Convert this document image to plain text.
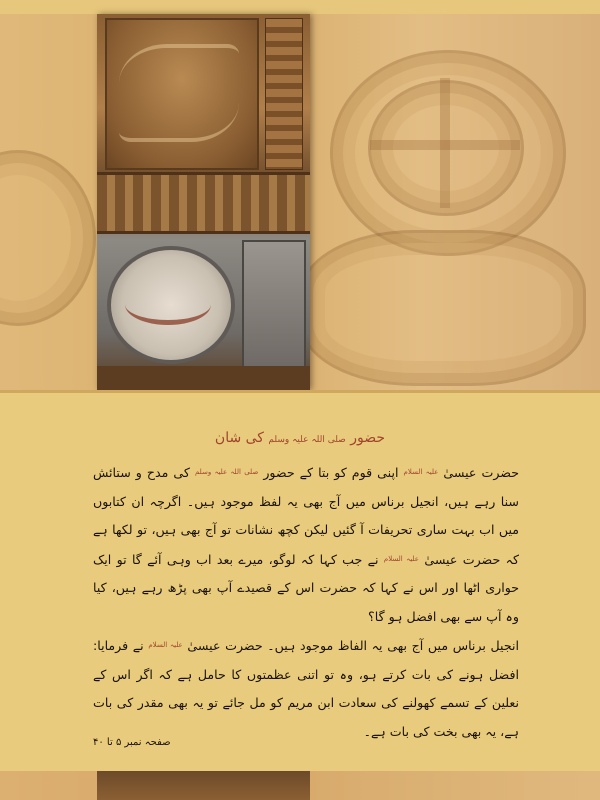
حضور صلی اللہ علیہ وسلم کی شان

حضرت عیسیٰ $^{علیہ السلام}$ اپنی قوم کو بتا کے حضور $^{صلی اللہ علیہ وسلم}$ کی مدح و ستائش سنا رہے ہیں، انجیل برناس میں آج بھی یہ لفظ موجود ہیں۔ اگرچہ ان کتابوں میں اب بہت ساری تحریفات آ گئیں لیکن کچھ نشانات تو آج بھی ہیں، تو لکھا ہے کہ حضرت عیسیٰ $^{علیہ السلام}$ نے جب کہا کہ لوگو، میرے بعد اب وہی آئے گا تو ایک حواری اٹھا اور اس نے کہا کہ حضرت اس کے قصیدے آپ بھی پڑھ رہے ہیں، کیا وہ آپ سے بھی افضل ہو گا؟

انجیل برناس میں آج بھی یہ الفاظ موجود ہیں۔ حضرت عیسیٰ $^{علیہ السلام}$ نے فرمایا: افضل ہونے کی بات کرتے ہو، وہ تو اتنی عظمتوں کا حامل ہے کہ اگر اس کے نعلین کے تسمے کھولنے کی سعادت ابن مریم کو مل جائے تو یہ بھی مقدر کی بات ہے، یہ بھی بخت کی بات ہے۔

صفحہ نمبر ۵ تا ۴۰
